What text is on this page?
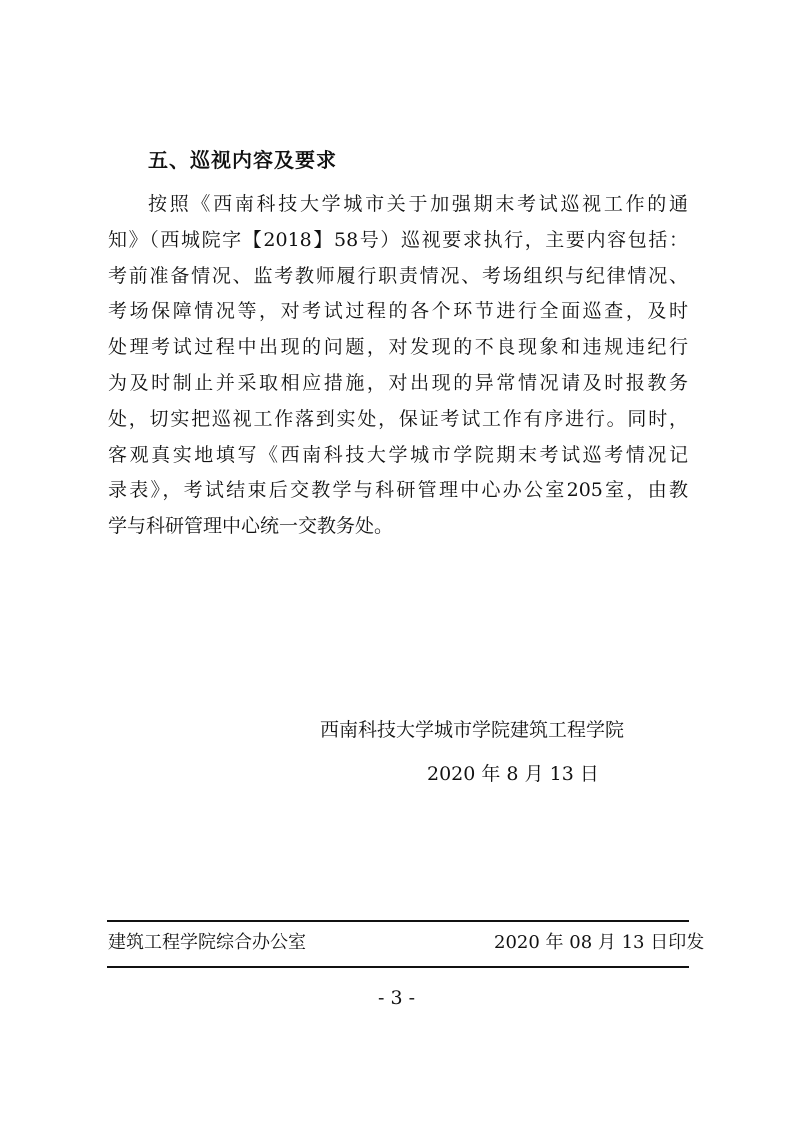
五、巡视内容及要求
按照《西南科技大学城市关于加强期末考试巡视工作的通
知》（西城院字【2018】58号）巡视要求执行，主要内容包括：
考前准备情况、监考教师履行职责情况、考场组织与纪律情况、
考场保障情况等，对考试过程的各个环节进行全面巡查，及时
处理考试过程中出现的问题，对发现的不良现象和违规违纪行
为及时制止并采取相应措施，对出现的异常情况请及时报教务
处，切实把巡视工作落到实处，保证考试工作有序进行。同时，
客观真实地填写《西南科技大学城市学院期末考试巡考情况记
录表》，考试结束后交教学与科研管理中心办公室205室，由教
学与科研管理中心统一交教务处。
西南科技大学城市学院建筑工程学院
2020 年 8 月 13 日
建筑工程学院综合办公室	2020 年 08 月 13 日印发
- 3 -
